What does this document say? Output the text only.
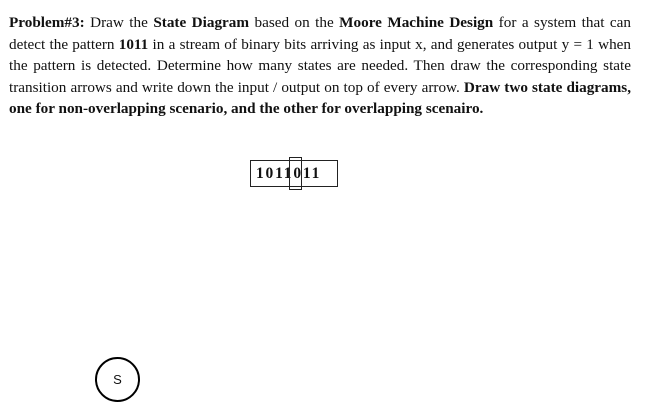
Problem#3: Draw the State Diagram based on the Moore Machine Design for a system that can detect the pattern 1011 in a stream of binary bits arriving as input x, and generates output y = 1 when the pattern is detected. Determine how many states are needed. Then draw the corresponding state transition arrows and write down the input / output on top of every arrow. Draw two state diagrams, one for non-overlapping scenario, and the other for overlapping scenairo.

1011011
S
